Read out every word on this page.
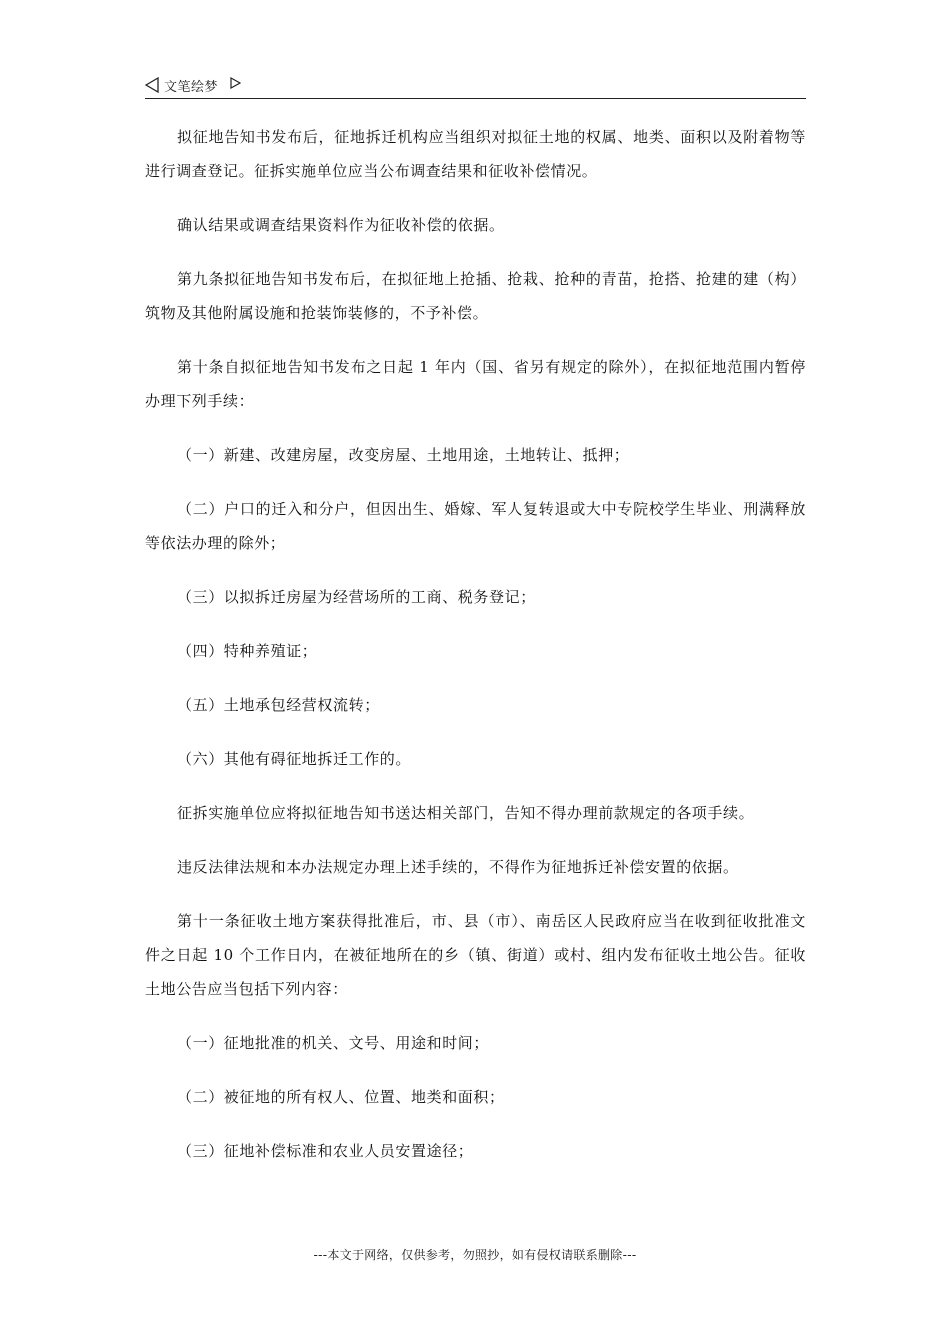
文笔绘梦

拟征地告知书发布后，征地拆迁机构应当组织对拟征土地的权属、地类、面积以及附着物等进行调查登记。征拆实施单位应当公布调查结果和征收补偿情况。

确认结果或调查结果资料作为征收补偿的依据。

第九条拟征地告知书发布后，在拟征地上抢插、抢栽、抢种的青苗，抢搭、抢建的建（构）筑物及其他附属设施和抢装饰装修的，不予补偿。

第十条自拟征地告知书发布之日起 1 年内（国、省另有规定的除外），在拟征地范围内暂停办理下列手续：

（一）新建、改建房屋，改变房屋、土地用途，土地转让、抵押；

（二）户口的迁入和分户，但因出生、婚嫁、军人复转退或大中专院校学生毕业、刑满释放等依法办理的除外；

（三）以拟拆迁房屋为经营场所的工商、税务登记；

（四）特种养殖证；

（五）土地承包经营权流转；

（六）其他有碍征地拆迁工作的。

征拆实施单位应将拟征地告知书送达相关部门，告知不得办理前款规定的各项手续。

违反法律法规和本办法规定办理上述手续的，不得作为征地拆迁补偿安置的依据。

第十一条征收土地方案获得批准后，市、县（市）、南岳区人民政府应当在收到征收批准文件之日起 10 个工作日内，在被征地所在的乡（镇、街道）或村、组内发布征收土地公告。征收土地公告应当包括下列内容：

（一）征地批准的机关、文号、用途和时间；

（二）被征地的所有权人、位置、地类和面积；

（三）征地补偿标准和农业人员安置途径；

---本文于网络，仅供参考，勿照抄，如有侵权请联系删除---
